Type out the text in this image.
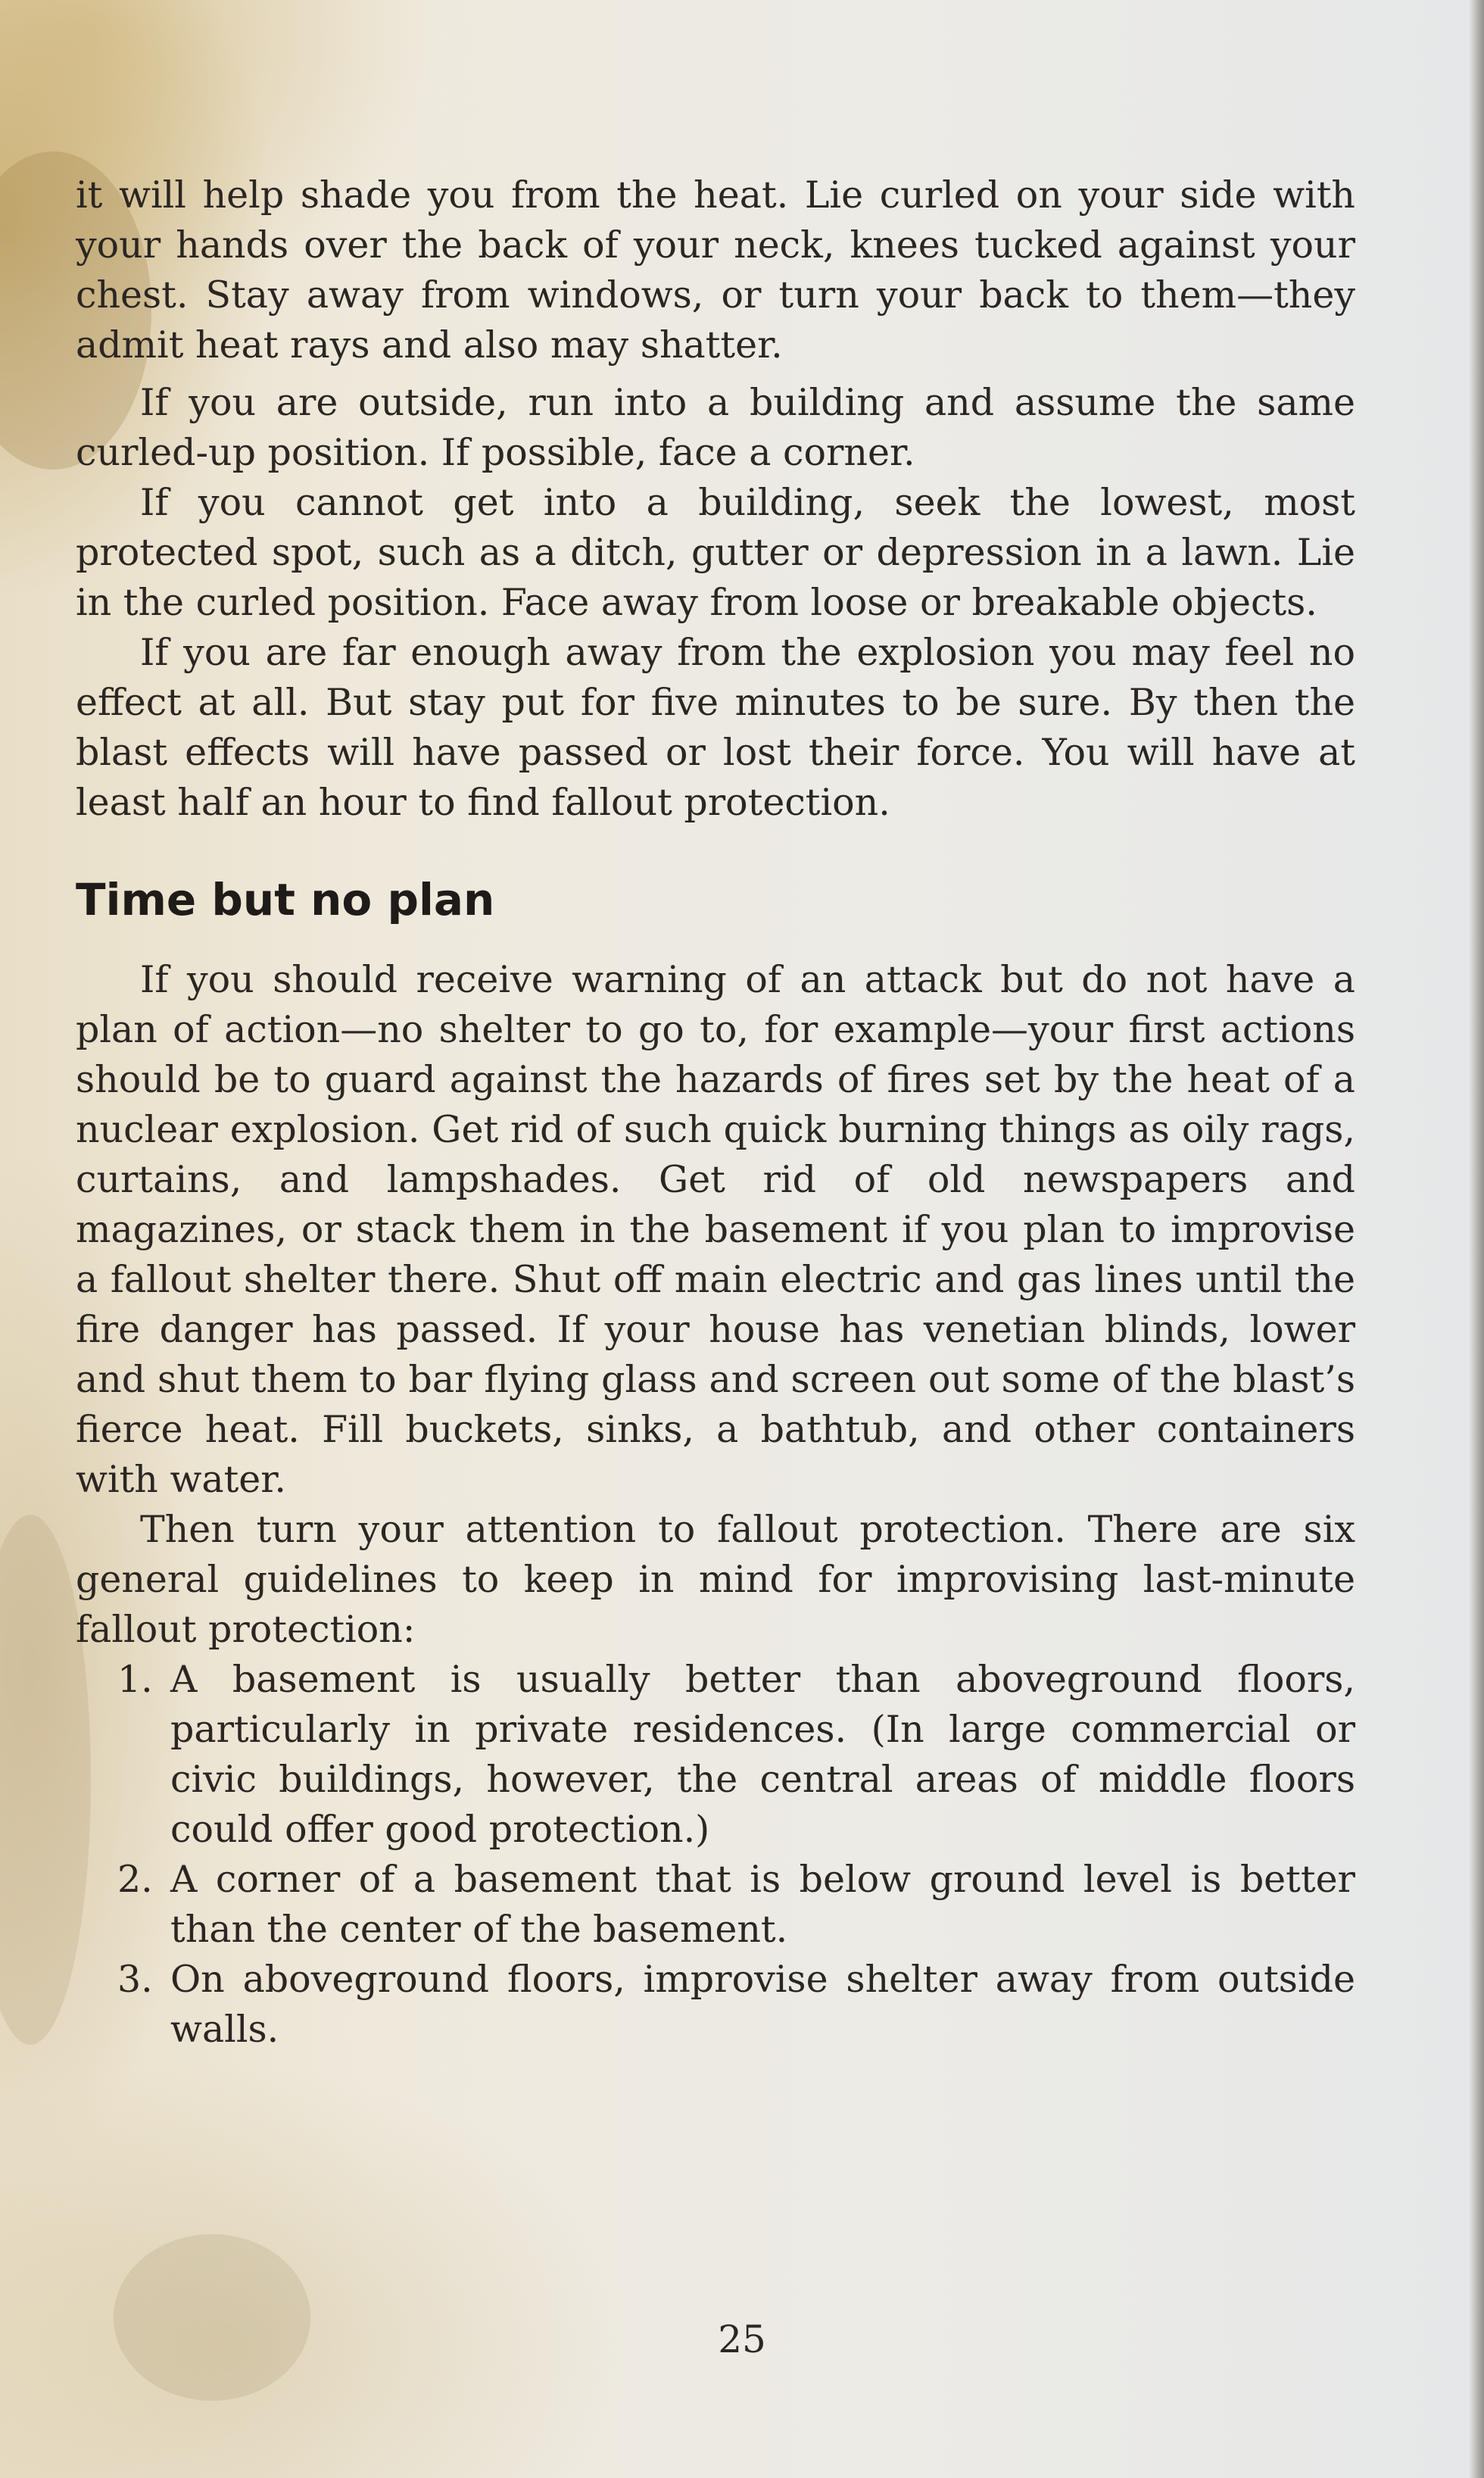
it will help shade you from the heat. Lie curled on your side with your hands over the back of your neck, knees tucked against your chest. Stay away from windows, or turn your back to them—they admit heat rays and also may shatter.

If you are outside, run into a building and assume the same curled-up position. If possible, face a corner.

If you cannot get into a building, seek the lowest, most protected spot, such as a ditch, gutter or depression in a lawn. Lie in the curled position. Face away from loose or breakable objects.

If you are far enough away from the explosion you may feel no effect at all. But stay put for five minutes to be sure. By then the blast effects will have passed or lost their force. You will have at least half an hour to find fallout protection.

Time but no plan

If you should receive warning of an attack but do not have a plan of action—no shelter to go to, for example—your first actions should be to guard against the hazards of fires set by the heat of a nuclear explosion. Get rid of such quick burning things as oily rags, curtains, and lampshades. Get rid of old newspapers and magazines, or stack them in the basement if you plan to improvise a fallout shelter there. Shut off main electric and gas lines until the fire danger has passed. If your house has venetian blinds, lower and shut them to bar flying glass and screen out some of the blast’s fierce heat. Fill buckets, sinks, a bathtub, and other containers with water.

Then turn your attention to fallout protection. There are six general guidelines to keep in mind for improvising last-minute fallout protection:

1. A basement is usually better than aboveground floors, particularly in private residences. (In large commercial or civic buildings, however, the central areas of middle floors could offer good protection.)
2. A corner of a basement that is below ground level is better than the center of the basement.
3. On aboveground floors, improvise shelter away from outside walls.
25
